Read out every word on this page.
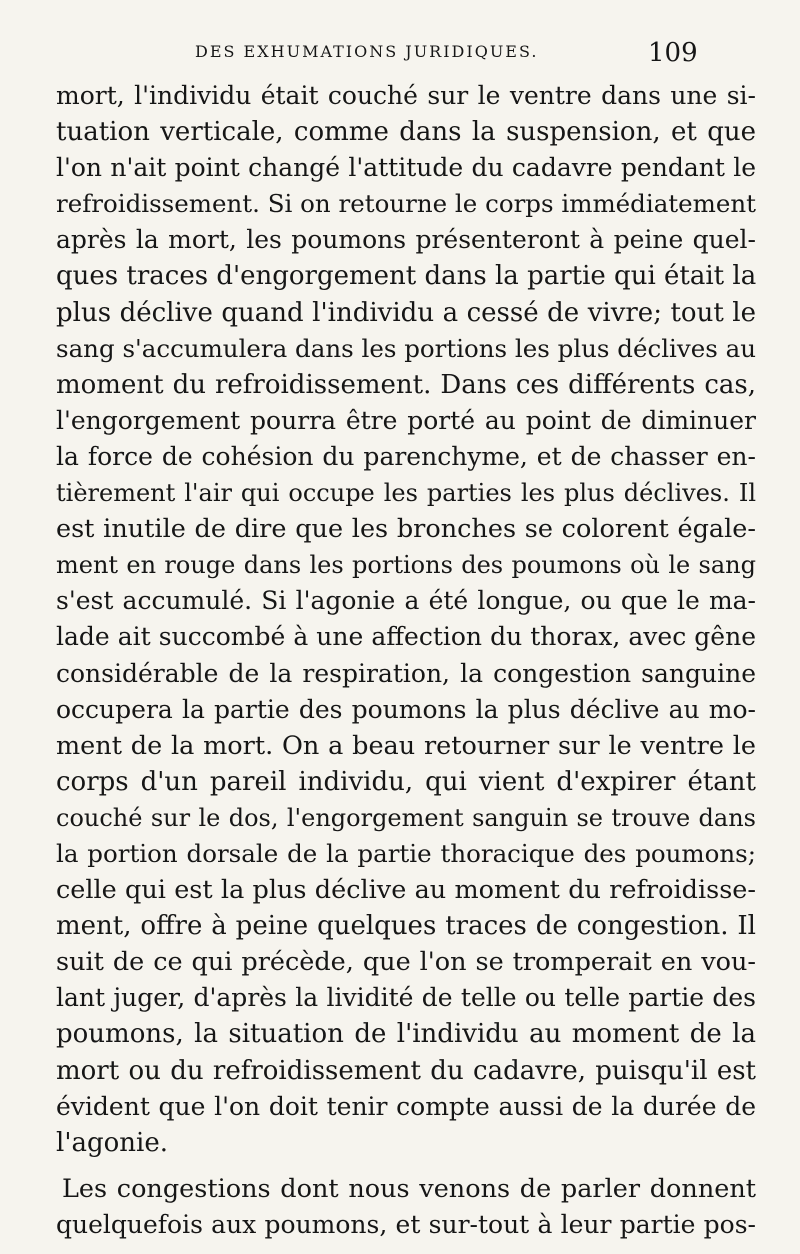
DES EXHUMATIONS JURIDIQUES.	109
mort, l'individu était couché sur le ventre dans une si-
tuation verticale, comme dans la suspension, et que
l'on n'ait point changé l'attitude du cadavre pendant le
refroidissement. Si on retourne le corps immédiatement
après la mort, les poumons présenteront à peine quel-
ques traces d'engorgement dans la partie qui était la
plus déclive quand l'individu a cessé de vivre; tout le
sang s'accumulera dans les portions les plus déclives au
moment du refroidissement. Dans ces différents cas,
l'engorgement pourra être porté au point de diminuer
la force de cohésion du parenchyme, et de chasser en-
tièrement l'air qui occupe les parties les plus déclives. Il
est inutile de dire que les bronches se colorent égale-
ment en rouge dans les portions des poumons où le sang
s'est accumulé. Si l'agonie a été longue, ou que le ma-
lade ait succombé à une affection du thorax, avec gêne
considérable de la respiration, la congestion sanguine
occupera la partie des poumons la plus déclive au mo-
ment de la mort. On a beau retourner sur le ventre le
corps d'un pareil individu, qui vient d'expirer étant
couché sur le dos, l'engorgement sanguin se trouve dans
la portion dorsale de la partie thoracique des poumons;
celle qui est la plus déclive au moment du refroidisse-
ment, offre à peine quelques traces de congestion. Il
suit de ce qui précède, que l'on se tromperait en vou-
lant juger, d'après la lividité de telle ou telle partie des
poumons, la situation de l'individu au moment de la
mort ou du refroidissement du cadavre, puisqu'il est
évident que l'on doit tenir compte aussi de la durée de
l'agonie.
Les congestions dont nous venons de parler donnent
quelquefois aux poumons, et sur-tout à leur partie pos-
